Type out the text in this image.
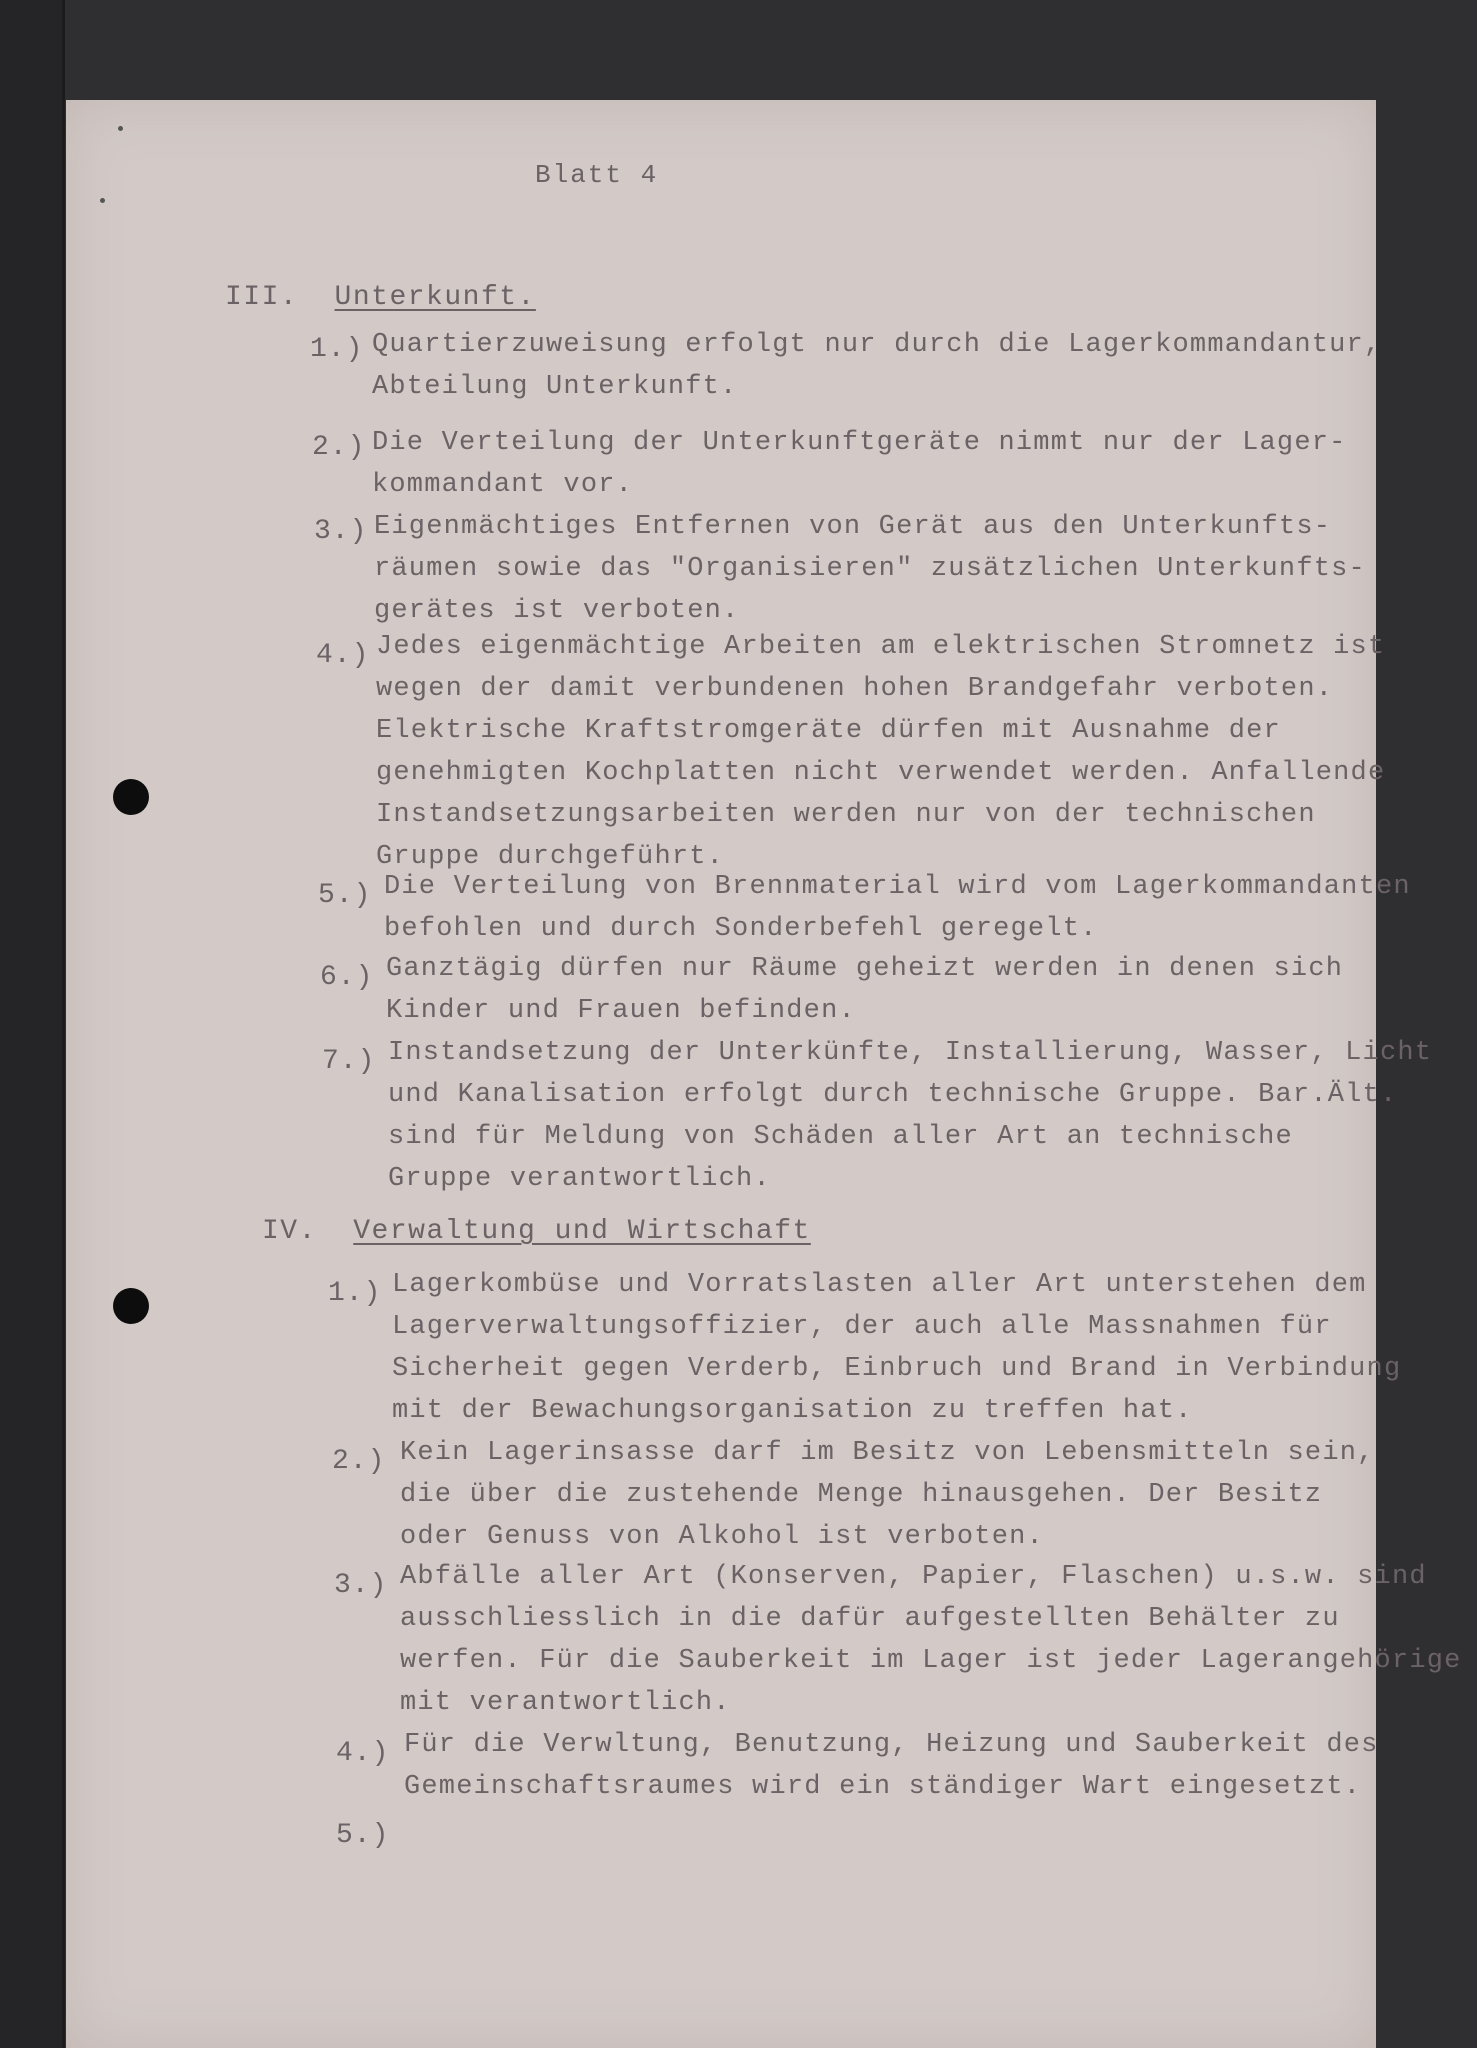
Blatt 4
III. Unterkunft.
1.) Quartierzuweisung erfolgt nur durch die Lagerkommandantur,
Abteilung Unterkunft.
2.) Die Verteilung der Unterkunftgeräte nimmt nur der Lager-
kommandant vor.
3.) Eigenmächtiges Entfernen von Gerät aus den Unterkunfts-
räumen sowie das "Organisieren" zusätzlichen Unterkunfts-
gerätes ist verboten.
4.) Jedes eigenmächtige Arbeiten am elektrischen Stromnetz ist
wegen der damit verbundenen hohen Brandgefahr verboten.
Elektrische Kraftstromgeräte dürfen mit Ausnahme der
genehmigten Kochplatten nicht verwendet werden. Anfallende
Instandsetzungsarbeiten werden nur von der technischen
Gruppe durchgeführt.
5.) Die Verteilung von Brennmaterial wird vom Lagerkommandanten
befohlen und durch Sonderbefehl geregelt.
6.) Ganztägig dürfen nur Räume geheizt werden in denen sich
Kinder und Frauen befinden.
7.) Instandsetzung der Unterkünfte, Installierung, Wasser, Licht
und Kanalisation erfolgt durch technische Gruppe. Bar.Ält.
sind für Meldung von Schäden aller Art an technische
Gruppe verantwortlich.
IV. Verwaltung und Wirtschaft
1.) Lagerkombüse und Vorratslasten aller Art unterstehen dem
Lagerverwaltungsoffizier, der auch alle Massnahmen für
Sicherheit gegen Verderb, Einbruch und Brand in Verbindung
mit der Bewachungsorganisation zu treffen hat.
2.) Kein Lagerinsasse darf im Besitz von Lebensmitteln sein,
die über die zustehende Menge hinausgehen. Der Besitz
oder Genuss von Alkohol ist verboten.
3.) Abfälle aller Art (Konserven, Papier, Flaschen) u.s.w. sind
ausschliesslich in die dafür aufgestellten Behälter zu
werfen. Für die Sauberkeit im Lager ist jeder Lagerangehörige
mit verantwortlich.
4.) Für die Verwltung, Benutzung, Heizung und Sauberkeit des
Gemeinschaftsraumes wird ein ständiger Wart eingesetzt.
5.)
